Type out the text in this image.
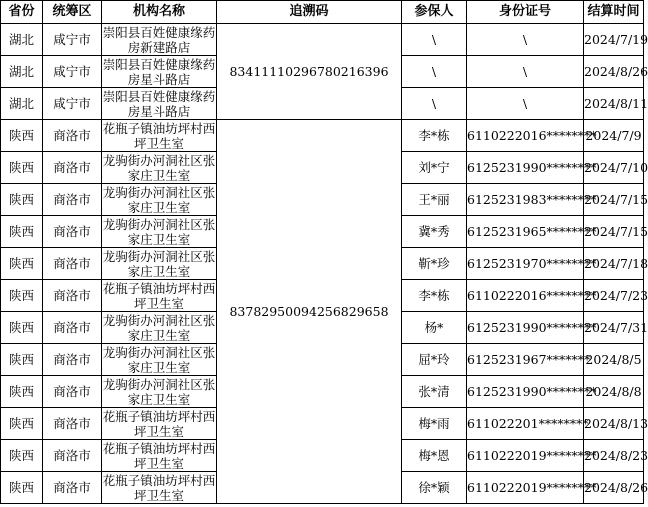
省份	统筹区	机构名称	追溯码	参保人	身份证号	结算时间
湖北	咸宁市	崇阳县百姓健康缘药房新建路店	83411110296780216396	\	\	2024/7/19
湖北	咸宁市	崇阳县百姓健康缘药房星斗路店		\	\	2024/8/26
湖北	咸宁市	崇阳县百姓健康缘药房星斗路店		\	\	2024/8/11
陕西	商洛市	花瓶子镇油坊坪村西坪卫生室	83782950094256829658	李*栋	6110222016********	2024/7/9
陕西	商洛市	龙驹街办河洞社区张家庄卫生室		刘*宁	6125231990********	2024/7/10
陕西	商洛市	龙驹街办河洞社区张家庄卫生室		王*丽	6125231983********	2024/7/15
陕西	商洛市	龙驹街办河洞社区张家庄卫生室		冀*秀	6125231965********	2024/7/15
陕西	商洛市	龙驹街办河洞社区张家庄卫生室		靳*珍	6125231970********	2024/7/18
陕西	商洛市	花瓶子镇油坊坪村西坪卫生室		李*栋	6110222016********	2024/7/23
陕西	商洛市	龙驹街办河洞社区张家庄卫生室		杨*	6125231990********	2024/7/31
陕西	商洛市	龙驹街办河洞社区张家庄卫生室		屈*玲	6125231967*******	2024/8/5
陕西	商洛市	龙驹街办河洞社区张家庄卫生室		张*清	6125231990********	2024/8/8
陕西	商洛市	花瓶子镇油坊坪村西坪卫生室		梅*雨	611022201********	2024/8/13
陕西	商洛市	花瓶子镇油坊坪村西坪卫生室		梅*恩	6110222019********	2024/8/23
陕西	商洛市	花瓶子镇油坊坪村西坪卫生室		徐*颖	6110222019********	2024/8/26
